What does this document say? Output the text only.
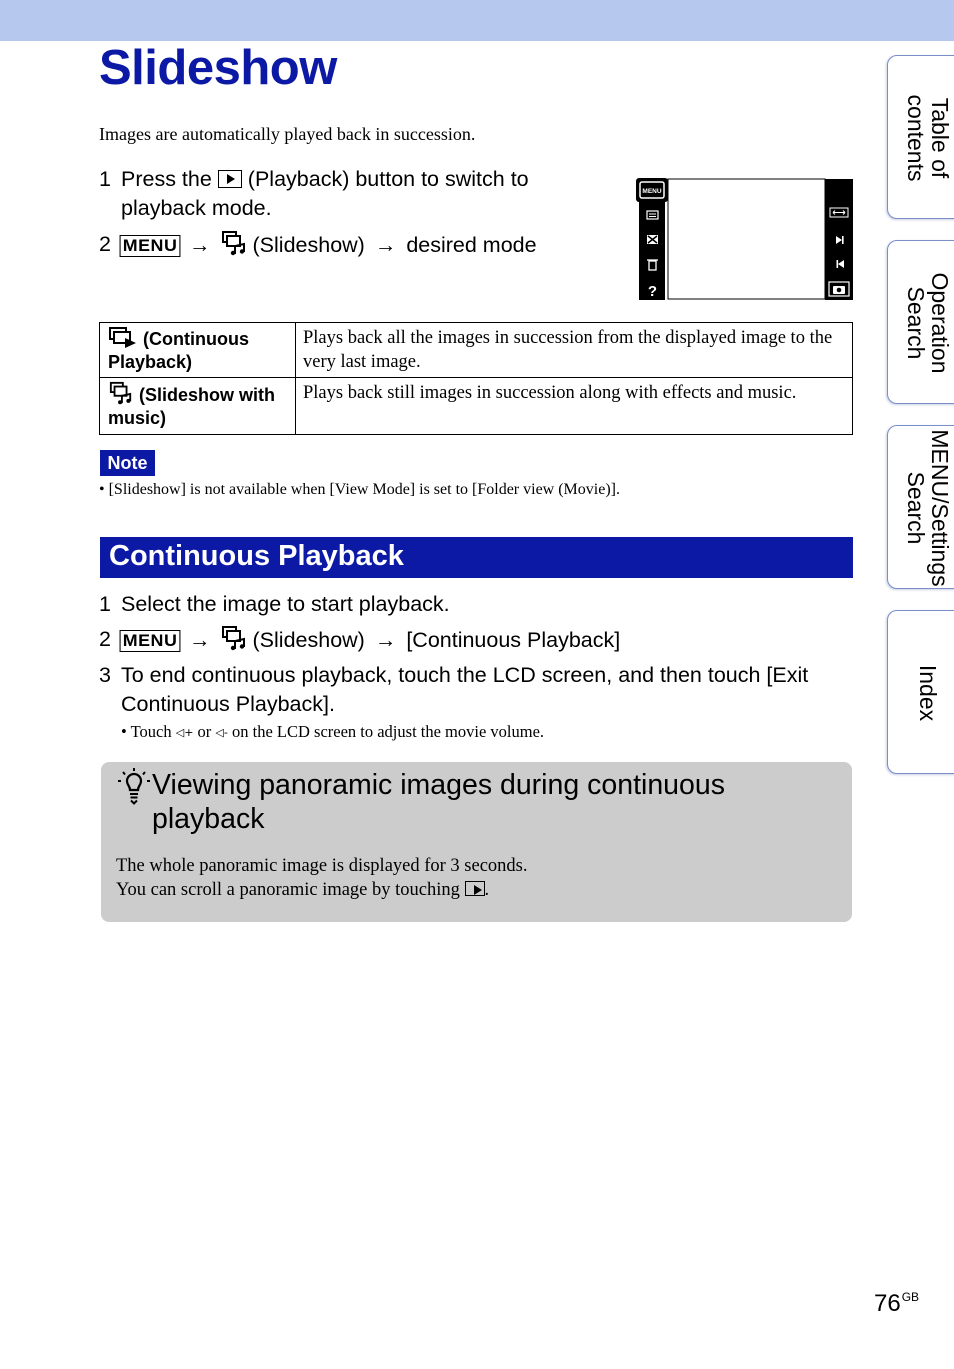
Slideshow
Images are automatically played back in succession.
1 Press the (Playback) button to switch to
playback mode.
2 MENU → (Slideshow) → desired mode
MENU
?
(Continuous
Playback)	Plays back all the images in succession from the displayed image to the very last image.
(Slideshow with
music)	Plays back still images in succession along with effects and music.
Note
• [Slideshow] is not available when [View Mode] is set to [Folder view (Movie)].
Continuous Playback
1 Select the image to start playback.
2 MENU → (Slideshow) → [Continuous Playback]
3 To end continuous playback, touch the LCD screen, and then touch [Exit
Continuous Playback].
• Touch ◁+ or ◁- on the LCD screen to adjust the movie volume.
Viewing panoramic images during continuous
playback
The whole panoramic image is displayed for 3 seconds.
You can scroll a panoramic image by touching .
Table of
contents
Operation
Search
MENU/Settings
Search
Index
$76^{GB}$
